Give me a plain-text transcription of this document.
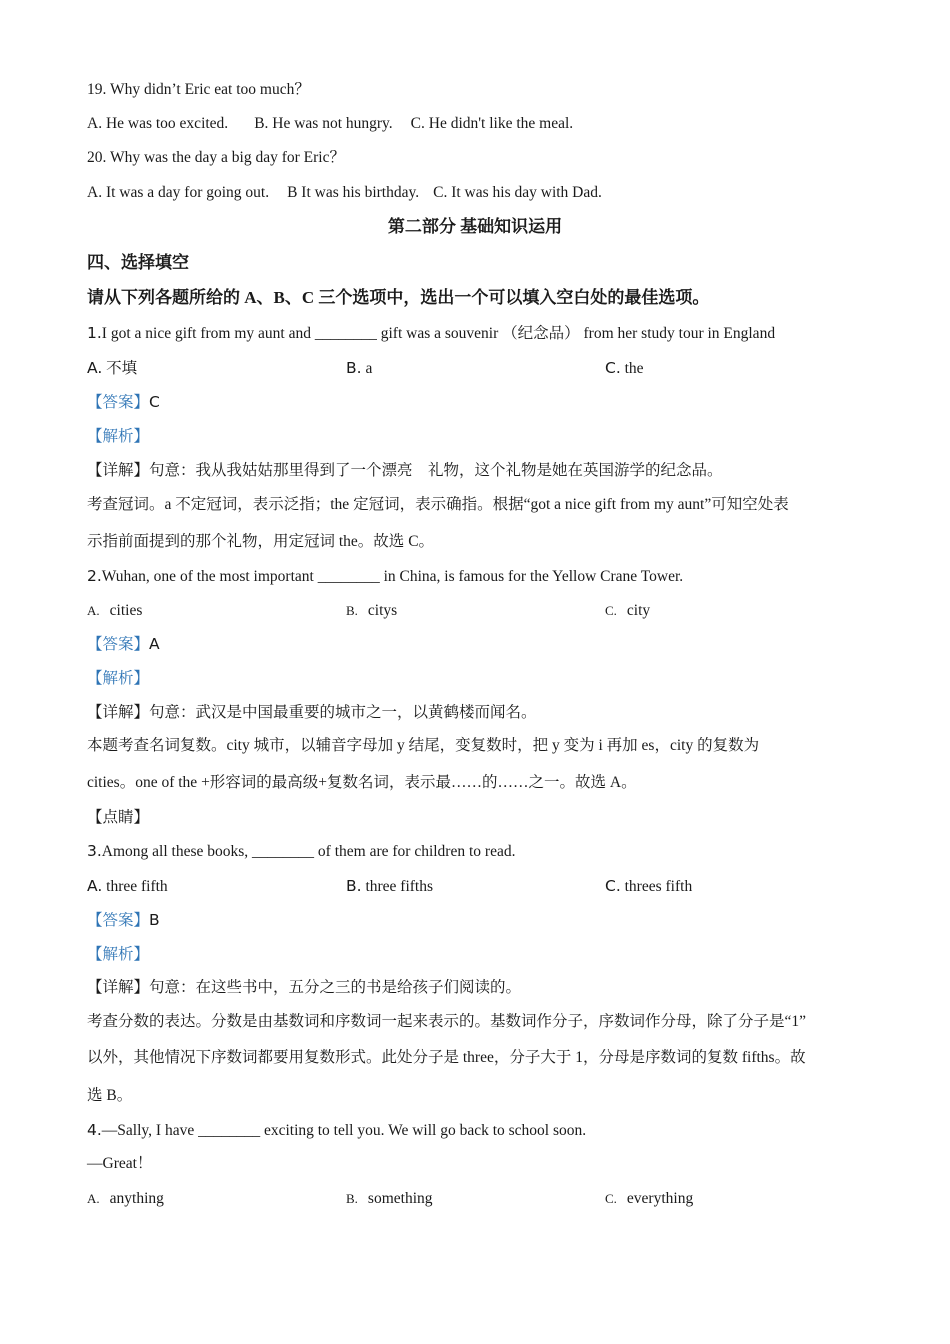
19. Why didn’t Eric eat too much？
A. He was too excited. B. He was not hungry. C. He didn't like the meal.
20. Why was the day a big day for Eric？
A. It was a day for going out. B It was his birthday. C. It was his day with Dad.
第二部分 基础知识运用
四、选择填空
请从下列各题所给的 A、B、C 三个选项中，选出一个可以填入空白处的最佳选项。
1.I got a nice gift from my aunt and ________ gift was a souvenir （纪念品） from her study tour in England
A. 不填	B. a	C. the
【答案】C
【解析】
【详解】句意：我从我姑姑那里得到了一个漂亮    礼物，这个礼物是她在英国游学的纪念品。
考查冠词。a 不定冠词，表示泛指；the 定冠词，表示确指。根据“got a nice gift from my aunt”可知空处表
示指前面提到的那个礼物，用定冠词 the。故选 C。
2.Wuhan, one of the most important ________ in China, is famous for the Yellow Crane Tower.
A. cities	B. citys	C. city
【答案】A
【解析】
【详解】句意：武汉是中国最重要的城市之一，以黄鹤楼而闻名。
本题考查名词复数。city 城市，以辅音字母加 y 结尾，变复数时，把 y 变为 i 再加 es，city 的复数为
cities。one of the +形容词的最高级+复数名词，表示最……的……之一。故选 A。
【点睛】
3.Among all these books, ________ of them are for children to read.
A. three fifth	B. three fifths	C. threes fifth
【答案】B
【解析】
【详解】句意：在这些书中，五分之三的书是给孩子们阅读的。
考查分数的表达。分数是由基数词和序数词一起来表示的。基数词作分子，序数词作分母，除了分子是“1”
以外，其他情况下序数词都要用复数形式。此处分子是 three，分子大于 1，分母是序数词的复数 fifths。故
选 B。
4.—Sally, I have ________ exciting to tell you. We will go back to school soon.
—Great！
A. anything	B. something	C. everything
